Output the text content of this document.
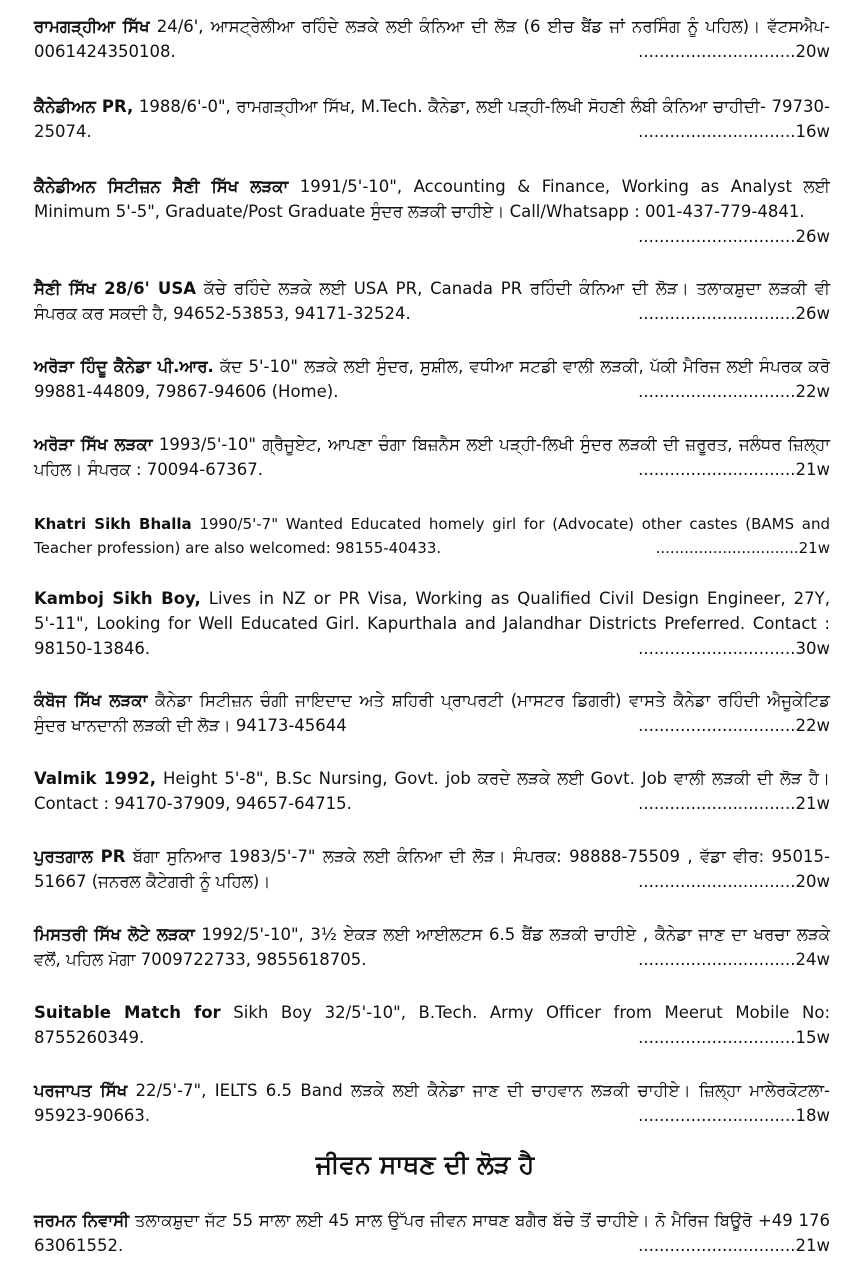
ਰਾਮਗੜ੍ਹੀਆ ਸਿੱਖ 24/6', ਆਸਟ੍ਰੇਲੀਆ ਰਹਿੰਦੇ ਲੜਕੇ ਲਈ ਕੰਨਿਆ ਦੀ ਲੋੜ (6 ਈਚ ਬੈਂਡ ਜਾਂ ਨਰਸਿੰਗ ਨੂੰ ਪਹਿਲ)। ਵੱਟਸਐਪ- 0061424350108.	..............................20w
ਕੈਨੇਡੀਅਨ PR, 1988/6'-0", ਰਾਮਗੜ੍ਹੀਆ ਸਿੱਖ, M.Tech. ਕੈਨੇਡਾ, ਲਈ ਪੜ੍ਹੀ-ਲਿਖੀ ਸੋਹਣੀ ਲੰਬੀ ਕੰਨਿਆ ਚਾਹੀਦੀ- 79730-25074.	..............................16w
ਕੈਨੇਡੀਅਨ ਸਿਟੀਜ਼ਨ ਸੈਣੀ ਸਿੱਖ ਲੜਕਾ 1991/5'-10", Accounting & Finance, Working as Analyst ਲਈ Minimum 5'-5", Graduate/Post Graduate ਸੁੰਦਰ ਲੜਕੀ ਚਾਹੀਏ। Call/Whatsapp : 001-437-779-4841.
..............................26w
ਸੈਣੀ ਸਿੱਖ 28/6' USA ਕੱਚੇ ਰਹਿੰਦੇ ਲੜਕੇ ਲਈ USA PR, Canada PR ਰਹਿੰਦੀ ਕੰਨਿਆ ਦੀ ਲੋੜ। ਤਲਾਕਸ਼ੁਦਾ ਲੜਕੀ ਵੀ ਸੰਪਰਕ ਕਰ ਸਕਦੀ ਹੈ, 94652-53853, 94171-32524.	..............................26w
ਅਰੋੜਾ ਹਿੰਦੂ ਕੈਨੇਡਾ ਪੀ.ਆਰ. ਕੱਦ 5'-10" ਲੜਕੇ ਲਈ ਸੁੰਦਰ, ਸੁਸ਼ੀਲ, ਵਧੀਆ ਸਟਡੀ ਵਾਲੀ ਲੜਕੀ, ਪੱਕੀ ਮੈਰਿਜ ਲਈ ਸੰਪਰਕ ਕਰੋ 99881-44809, 79867-94606 (Home).	..............................22w
ਅਰੋੜਾ ਸਿੱਖ ਲੜਕਾ 1993/5'-10" ਗ੍ਰੈਜੂਏਟ, ਆਪਣਾ ਚੰਗਾ ਬਿਜ਼ਨੈਸ ਲਈ ਪੜ੍ਹੀ-ਲਿਖੀ ਸੁੰਦਰ ਲੜਕੀ ਦੀ ਜ਼ਰੂਰਤ, ਜਲੰਧਰ ਜ਼ਿਲ੍ਹਾ ਪਹਿਲ। ਸੰਪਰਕ : 70094-67367.	..............................21w
Khatri Sikh Bhalla 1990/5'-7" Wanted Educated homely girl for (Advocate) other castes (BAMS and Teacher profession) are also welcomed: 98155-40433.	..............................21w
Kamboj Sikh Boy, Lives in NZ or PR Visa, Working as Qualified Civil Design Engineer, 27Y, 5'-11", Looking for Well Educated Girl. Kapurthala and Jalandhar Districts Preferred. Contact : 98150-13846.	..............................30w
ਕੰਬੋਜ ਸਿੱਖ ਲੜਕਾ ਕੈਨੇਡਾ ਸਿਟੀਜ਼ਨ ਚੰਗੀ ਜਾਇਦਾਦ ਅਤੇ ਸ਼ਹਿਰੀ ਪ੍ਰਾਪਰਟੀ (ਮਾਸਟਰ ਡਿਗਰੀ) ਵਾਸਤੇ ਕੈਨੇਡਾ ਰਹਿੰਦੀ ਐਜੂਕੇਟਿਡ ਸੁੰਦਰ ਖਾਨਦਾਨੀ ਲੜਕੀ ਦੀ ਲੋੜ। 94173-45644	..............................22w
Valmik 1992, Height 5'-8", B.Sc Nursing, Govt. job ਕਰਦੇ ਲੜਕੇ ਲਈ Govt. Job ਵਾਲੀ ਲੜਕੀ ਦੀ ਲੋੜ ਹੈ। Contact : 94170-37909, 94657-64715.	..............................21w
ਪੁਰਤਗਾਲ PR ਬੱਗਾ ਸੁਨਿਆਰ 1983/5'-7" ਲੜਕੇ ਲਈ ਕੰਨਿਆ ਦੀ ਲੋੜ। ਸੰਪਰਕ: 98888-75509 , ਵੱਡਾ ਵੀਰ: 95015-51667 (ਜਨਰਲ ਕੈਟੇਗਰੀ ਨੂੰ ਪਹਿਲ)।	..............................20w
ਮਿਸਤਰੀ ਸਿੱਖ ਲੋਟੇ ਲੜਕਾ 1992/5'-10", 3½ ਏਕੜ ਲਈ ਆਈਲਟਸ 6.5 ਬੈਂਡ ਲੜਕੀ ਚਾਹੀਏ , ਕੈਨੇਡਾ ਜਾਣ ਦਾ ਖਰਚਾ ਲੜਕੇ ਵਲੋਂ, ਪਹਿਲ ਮੋਗਾ 7009722733, 9855618705.	..............................24w
Suitable Match for Sikh Boy 32/5'-10", B.Tech. Army Officer from Meerut Mobile No: 8755260349.	..............................15w
ਪਰਜਾਪਤ ਸਿੱਖ 22/5'-7", IELTS 6.5 Band ਲੜਕੇ ਲਈ ਕੈਨੇਡਾ ਜਾਣ ਦੀ ਚਾਹਵਾਨ ਲੜਕੀ ਚਾਹੀਏ। ਜ਼ਿਲ੍ਹਾ ਮਾਲੇਰਕੋਟਲਾ- 95923-90663.	..............................18w
ਜੀਵਨ ਸਾਥਣ ਦੀ ਲੋੜ ਹੈ
ਜਰਮਨ ਨਿਵਾਸੀ ਤਲਾਕਸ਼ੁਦਾ ਜੱਟ 55 ਸਾਲਾ ਲਈ 45 ਸਾਲ ਉੱਪਰ ਜੀਵਨ ਸਾਥਣ ਬਗੈਰ ਬੱਚੇ ਤੋਂ ਚਾਹੀਏ। ਨੋ ਮੈਰਿਜ ਬਿਊਰੋ +49 176 63061552.	..............................21w
